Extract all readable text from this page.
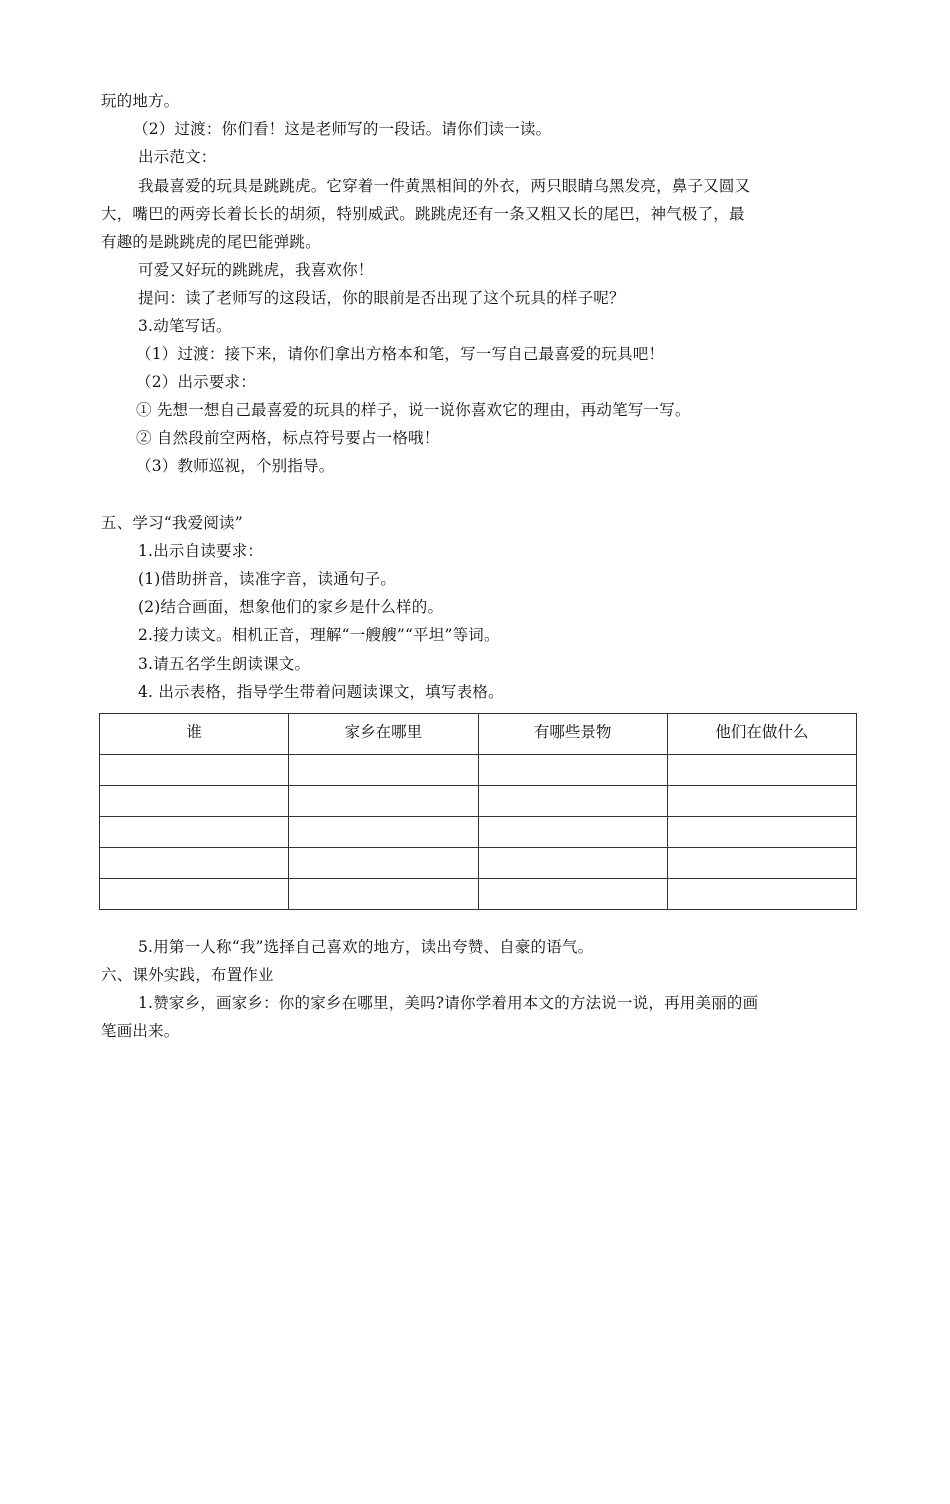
玩的地方。
（2）过渡：你们看！这是老师写的一段话。请你们读一读。
出示范文：
我最喜爱的玩具是跳跳虎。它穿着一件黄黑相间的外衣，两只眼睛乌黑发亮，鼻子又圆又
大，嘴巴的两旁长着长长的胡须，特别威武。跳跳虎还有一条又粗又长的尾巴，神气极了，最
有趣的是跳跳虎的尾巴能弹跳。
可爱又好玩的跳跳虎，我喜欢你！
提问：读了老师写的这段话，你的眼前是否出现了这个玩具的样子呢？
3.动笔写话。
（1）过渡：接下来，请你们拿出方格本和笔，写一写自己最喜爱的玩具吧！
（2）出示要求：
① 先想一想自己最喜爱的玩具的样子，说一说你喜欢它的理由，再动笔写一写。
② 自然段前空两格，标点符号要占一格哦！
（3）教师巡视，个别指导。
五、学习“我爱阅读”
1.出示自读要求：
(1)借助拼音，读准字音，读通句子。
(2)结合画面，想象他们的家乡是什么样的。
2.接力读文。相机正音，理解“一艘艘”“平坦”等词。
3.请五名学生朗读课文。
4. 出示表格，指导学生带着问题读课文，填写表格。
谁	家乡在哪里	有哪些景物	他们在做什么

5.用第一人称“我”选择自己喜欢的地方，读出夸赞、自豪的语气。
六、课外实践，布置作业
1.赞家乡，画家乡：你的家乡在哪里，美吗?请你学着用本文的方法说一说，再用美丽的画
笔画出来。
